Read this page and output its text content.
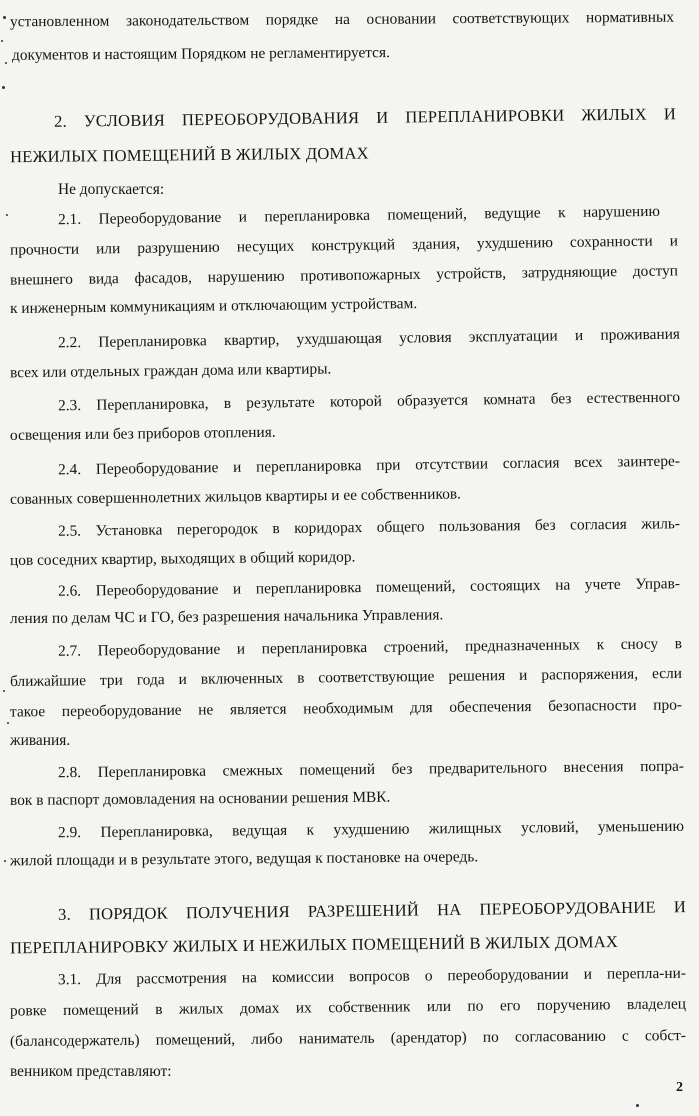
установленном законодательством порядке на основании соответствующих нормативных
документов и настоящим Порядком не регламентируется.
2. УСЛОВИЯ ПЕРЕОБОРУДОВАНИЯ И ПЕРЕПЛАНИРОВКИ ЖИЛЫХ И
НЕЖИЛЫХ ПОМЕЩЕНИЙ В ЖИЛЫХ ДОМАХ
Не допускается:
2.1. Переоборудование и перепланировка помещений, ведущие к нарушению
прочности или разрушению несущих конструкций здания, ухудшению сохранности и
внешнего вида фасадов, нарушению противопожарных устройств, затрудняющие доступ
к инженерным коммуникациям и отключающим устройствам.
2.2. Перепланировка квартир, ухудшающая условия эксплуатации и проживания
всех или отдельных граждан дома или квартиры.
2.3. Перепланировка, в результате которой образуется комната без естественного
освещения или без приборов отопления.
2.4. Переоборудование и перепланировка при отсутствии согласия всех заинтере-
сованных совершеннолетних жильцов квартиры и ее собственников.
2.5. Установка перегородок в коридорах общего пользования без согласия жиль-
цов соседних квартир, выходящих в общий коридор.
2.6. Переоборудование и перепланировка помещений, состоящих на учете Управ-
ления по делам ЧС и ГО, без разрешения начальника Управления.
2.7. Переоборудование и перепланировка строений, предназначенных к сносу в
ближайшие три года и включенных в соответствующие решения и распоряжения, если
такое переоборудование не является необходимым для обеспечения безопасности про-
живания.
2.8. Перепланировка смежных помещений без предварительного внесения попра-
вок в паспорт домовладения на основании решения МВК.
2.9. Перепланировка, ведущая к ухудшению жилищных условий, уменьшению
жилой площади и в результате этого, ведущая к постановке на очередь.
3. ПОРЯДОК ПОЛУЧЕНИЯ РАЗРЕШЕНИЙ НА ПЕРЕОБОРУДОВАНИЕ И
ПЕРЕПЛАНИРОВКУ ЖИЛЫХ И НЕЖИЛЫХ ПОМЕЩЕНИЙ В ЖИЛЫХ ДОМАХ
3.1. Для рассмотрения на комиссии вопросов о переоборудовании и перепла-ни-
ровке помещений в жилых домах их собственник или по его поручению владелец
(балансодержатель) помещений, либо наниматель (арендатор) по согласованию с собст-
венником представляют:
2
